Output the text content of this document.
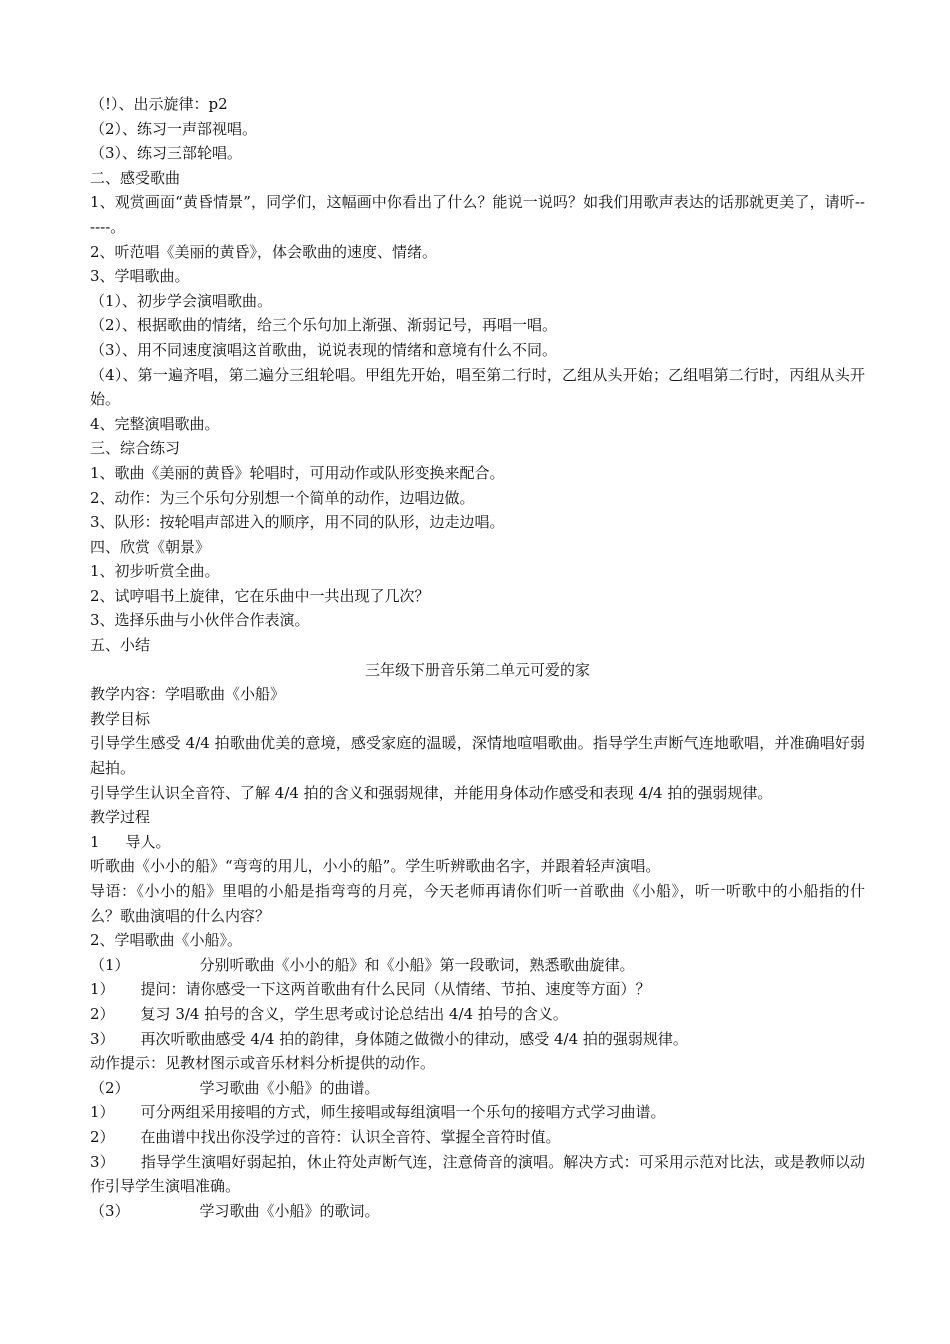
（!）、出示旋律：p2
（2）、练习一声部视唱。
（3）、练习三部轮唱。
二、感受歌曲
1、观赏画面“黄昏情景”，同学们，这幅画中你看出了什么？能说一说吗？如我们用歌声表达的话那就更美了，请听------。
2、听范唱《美丽的黄昏》，体会歌曲的速度、情绪。
3、学唱歌曲。
（1）、初步学会演唱歌曲。
（2）、根据歌曲的情绪，给三个乐句加上渐强、渐弱记号，再唱一唱。
（3）、用不同速度演唱这首歌曲，说说表现的情绪和意境有什么不同。
（4）、第一遍齐唱，第二遍分三组轮唱。甲组先开始，唱至第二行时，乙组从头开始；乙组唱第二行时，丙组从头开始。
4、完整演唱歌曲。
三、综合练习
1、歌曲《美丽的黄昏》轮唱时，可用动作或队形变换来配合。
2、动作：为三个乐句分别想一个简单的动作，边唱边做。
3、队形：按轮唱声部进入的顺序，用不同的队形，边走边唱。
四、欣赏《朝景》
1、初步听赏全曲。
2、试哼唱书上旋律，它在乐曲中一共出现了几次？
3、选择乐曲与小伙伴合作表演。
五、小结
三年级下册音乐第二单元可爱的家
教学内容：学唱歌曲《小船》
教学目标
引导学生感受 4/4 拍歌曲优美的意境，感受家庭的温暖，深情地喧唱歌曲。指导学生声断气连地歌唱，并准确唱好弱起拍。
引导学生认识全音符、了解 4/4 拍的含义和强弱规律，并能用身体动作感受和表现 4/4 拍的强弱规律。
教学过程
1 导人。
听歌曲《小小的船》“弯弯的用儿，小小的船”。学生听辨歌曲名字，并跟着轻声演唱。
导语：《小小的船》里唱的小船是指弯弯的月亮，今天老师再请你们听一首歌曲《小船》，听一听歌中的小船指的什么？歌曲演唱的什么内容？
2、学唱歌曲《小船》。
（1）	分别听歌曲《小小的船》和《小船》第一段歌词，熟悉歌曲旋律。
1） 提问：请你感受一下这两首歌曲有什么民同（从情绪、节拍、速度等方面）？
2） 复习 3/4 拍号的含义，学生思考或讨论总结出 4/4 拍号的含义。
3） 再次听歌曲感受 4/4 拍的韵律，身体随之做微小的律动，感受 4/4 拍的强弱规律。
动作提示：见教材图示或音乐材料分析提供的动作。
（2）	学习歌曲《小船》的曲谱。
1） 可分两组采用接唱的方式，师生接唱或每组演唱一个乐句的接唱方式学习曲谱。
2） 在曲谱中找出你没学过的音符：认识全音符、掌握全音符时值。
3） 指导学生演唱好弱起拍，休止符处声断气连，注意倚音的演唱。解决方式：可采用示范对比法，或是教师以动作引导学生演唱准确。
（3）	学习歌曲《小船》的歌词。
